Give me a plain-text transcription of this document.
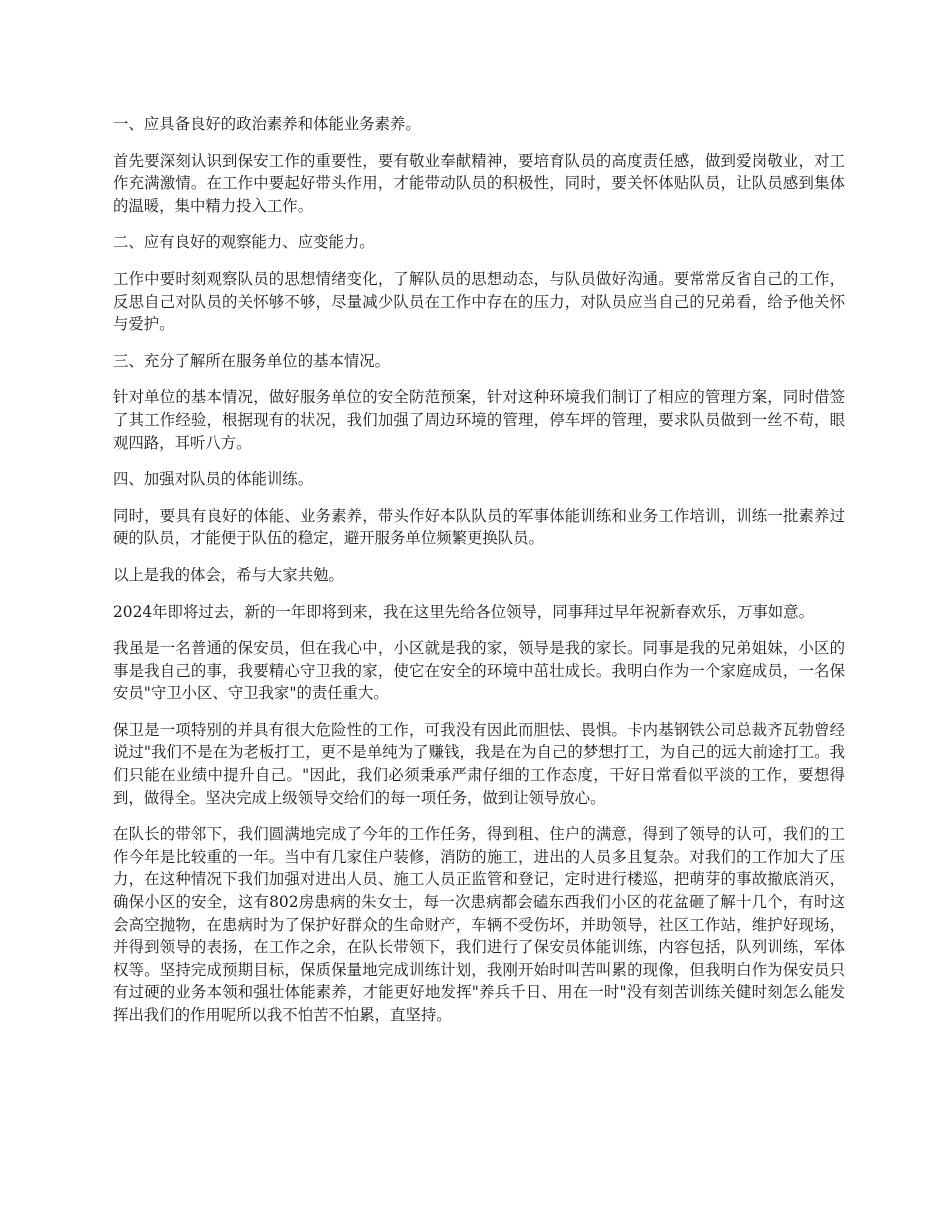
一、应具备良好的政治素养和体能业务素养。

首先要深刻认识到保安工作的重要性，要有敬业奉献精神，要培育队员的高度责任感，做到爱岗敬业，对工作充满激情。在工作中要起好带头作用，才能带动队员的积极性，同时，要关怀体贴队员，让队员感到集体的温暖，集中精力投入工作。

二、应有良好的观察能力、应变能力。

工作中要时刻观察队员的思想情绪变化，了解队员的思想动态，与队员做好沟通。要常常反省自己的工作，反思自己对队员的关怀够不够，尽量减少队员在工作中存在的压力，对队员应当自己的兄弟看，给予他关怀与爱护。

三、充分了解所在服务单位的基本情况。

针对单位的基本情况，做好服务单位的安全防范预案，针对这种环境我们制订了相应的管理方案，同时借签了其工作经验，根据现有的状况，我们加强了周边环境的管理，停车坪的管理，要求队员做到一丝不苟，眼观四路，耳听八方。

四、加强对队员的体能训练。

同时，要具有良好的体能、业务素养，带头作好本队队员的军事体能训练和业务工作培训，训练一批素养过硬的队员，才能便于队伍的稳定，避开服务单位频繁更换队员。

以上是我的体会，希与大家共勉。

2024年即将过去，新的一年即将到来，我在这里先给各位领导，同事拜过早年祝新春欢乐，万事如意。

我虽是一名普通的保安员，但在我心中，小区就是我的家，领导是我的家长。同事是我的兄弟姐妹，小区的事是我自己的事，我要精心守卫我的家，使它在安全的环境中茁壮成长。我明白作为一个家庭成员，一名保安员"守卫小区、守卫我家"的责任重大。

保卫是一项特别的并具有很大危险性的工作，可我没有因此而胆怯、畏惧。卡内基钢铁公司总裁齐瓦勃曾经说过"我们不是在为老板打工，更不是单纯为了赚钱，我是在为自己的梦想打工，为自己的远大前途打工。我们只能在业绩中提升自己。"因此，我们必须秉承严肃仔细的工作态度，干好日常看似平淡的工作，要想得到，做得全。坚决完成上级领导交给们的每一项任务，做到让领导放心。

在队长的带邻下，我们圆满地完成了今年的工作任务，得到租、住户的满意，得到了领导的认可，我们的工作今年是比较重的一年。当中有几家住户装修，消防的施工，进出的人员多且复杂。对我们的工作加大了压力，在这种情况下我们加强对进出人员、施工人员正监管和登记，定时进行楼巡，把萌芽的事故撤底消灭，确保小区的安全，这有802房患病的朱女士，每一次患病都会磕东西我们小区的花盆砸了解十几个，有时这会高空抛物，在患病时为了保护好群众的生命财产，车辆不受伤坏，并助领导，社区工作站，维护好现场，并得到领导的表扬，在工作之余，在队长带领下，我们进行了保安员体能训练，内容包括，队列训练，军体权等。坚持完成预期目标，保质保量地完成训练计划，我刚开始时叫苦叫累的现像，但我明白作为保安员只有过硬的业务本领和强壮体能素养，才能更好地发挥"养兵千日、用在一时"没有刻苦训练关健时刻怎么能发挥出我们的作用呢所以我不怕苦不怕累，直坚持。
